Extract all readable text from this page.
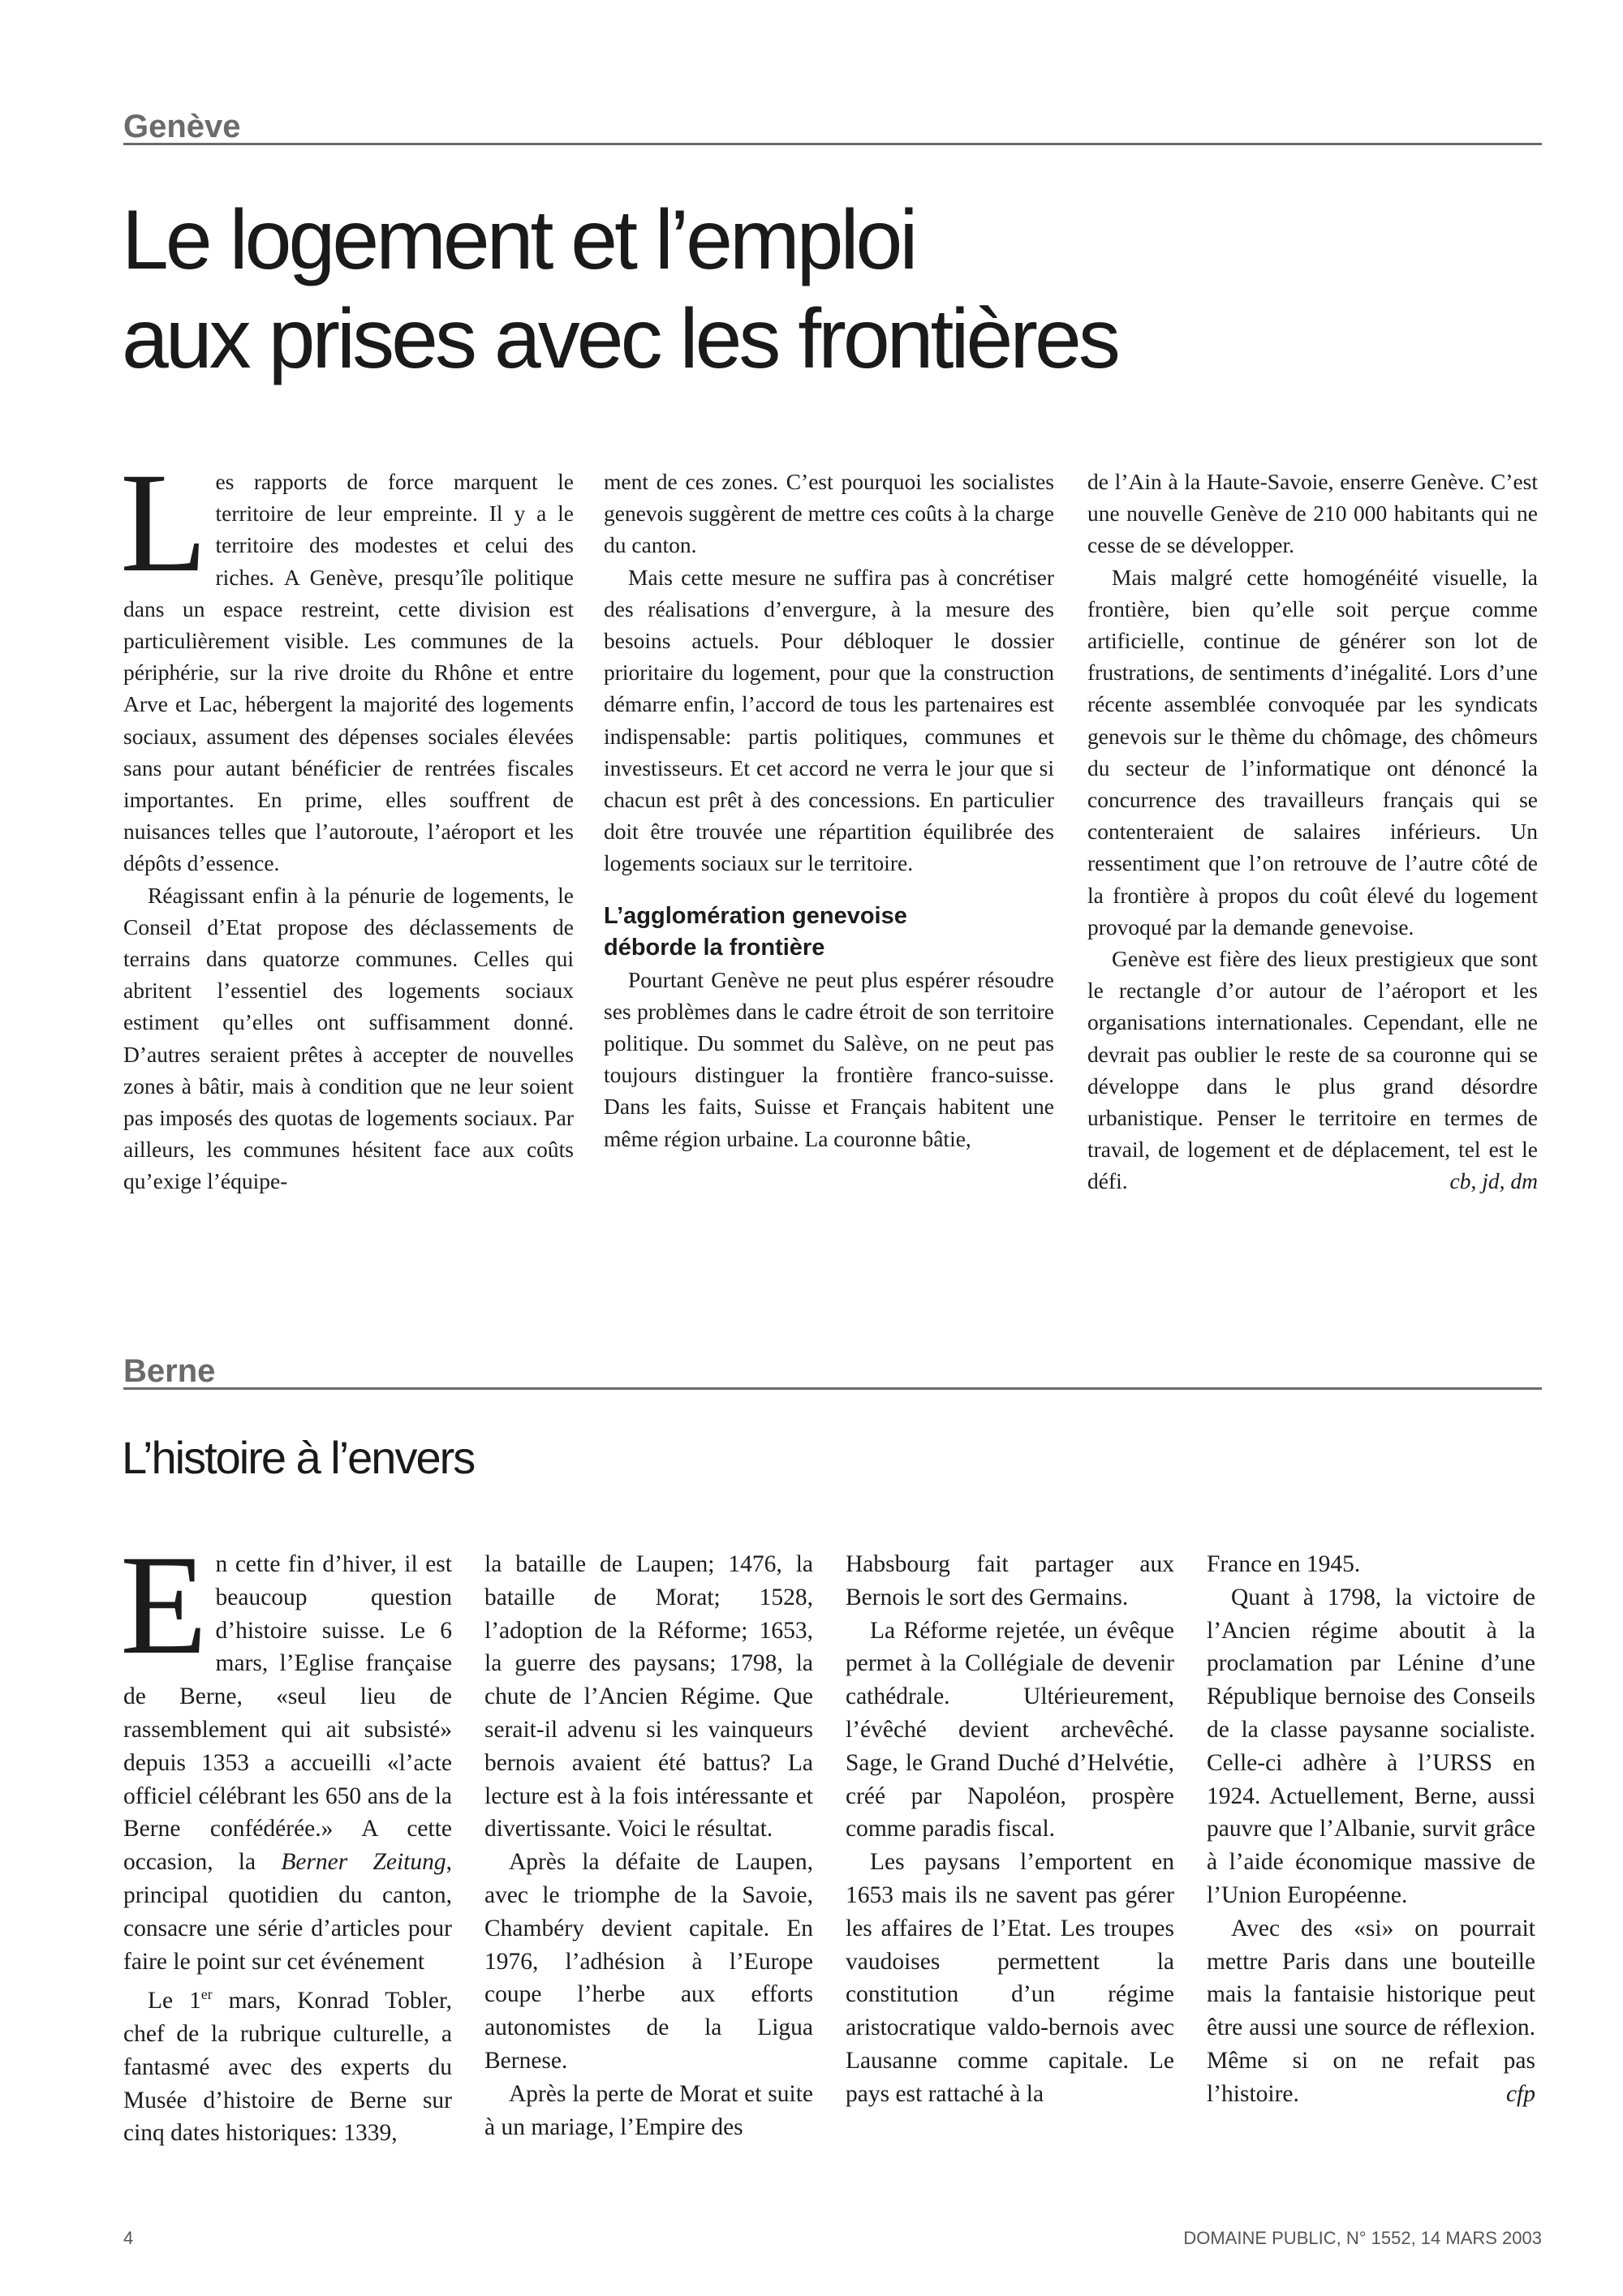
Genève
Le logement et l’emploi
aux prises avec les frontières

Les rapports de force marquent le territoire de leur empreinte. Il y a le territoire des modestes et celui des riches. A Genève, presqu’île politique dans un espace restreint, cette division est particulièrement visible. Les communes de la périphérie, sur la rive droite du Rhône et entre Arve et Lac, hébergent la majorité des logements sociaux, assument des dépenses sociales élevées sans pour autant bénéficier de rentrées fiscales importantes. En prime, elles souffrent de nuisances telles que l’autoroute, l’aéroport et les dépôts d’essence.

Réagissant enfin à la pénurie de logements, le Conseil d’Etat propose des déclassements de terrains dans quatorze communes. Celles qui abritent l’essentiel des logements sociaux estiment qu’elles ont suffisamment donné. D’autres seraient prêtes à accepter de nouvelles zones à bâtir, mais à condition que ne leur soient pas imposés des quotas de logements sociaux. Par ailleurs, les communes hésitent face aux coûts qu’exige l’équipe-

ment de ces zones. C’est pourquoi les socialistes genevois suggèrent de mettre ces coûts à la charge du canton.

Mais cette mesure ne suffira pas à concrétiser des réalisations d’envergure, à la mesure des besoins actuels. Pour débloquer le dossier prioritaire du logement, pour que la construction démarre enfin, l’accord de tous les partenaires est indispensable: partis politiques, communes et investisseurs. Et cet accord ne verra le jour que si chacun est prêt à des concessions. En particulier doit être trouvée une répartition équilibrée des logements sociaux sur le territoire.

L’agglomération genevoise
déborde la frontière

Pourtant Genève ne peut plus espérer résoudre ses problèmes dans le cadre étroit de son territoire politique. Du sommet du Salève, on ne peut pas toujours distinguer la frontière franco-suisse. Dans les faits, Suisse et Français habitent une même région urbaine. La couronne bâtie,

de l’Ain à la Haute-Savoie, enserre Genève. C’est une nouvelle Genève de 210 000 habitants qui ne cesse de se développer.

Mais malgré cette homogénéité visuelle, la frontière, bien qu’elle soit perçue comme artificielle, continue de générer son lot de frustrations, de sentiments d’inégalité. Lors d’une récente assemblée convoquée par les syndicats genevois sur le thème du chômage, des chômeurs du secteur de l’informatique ont dénoncé la concurrence des travailleurs français qui se contenteraient de salaires inférieurs. Un ressentiment que l’on retrouve de l’autre côté de la frontière à propos du coût élevé du logement provoqué par la demande genevoise.

Genève est fière des lieux prestigieux que sont le rectangle d’or autour de l’aéroport et les organisations internationales. Cependant, elle ne devrait pas oublier le reste de sa couronne qui se développe dans le plus grand désordre urbanistique. Penser le territoire en termes de travail, de logement et de déplacement, tel est le défi.	cb, jd, dm

Berne
L’histoire à l’envers

En cette fin d’hiver, il est beaucoup question d’histoire suisse. Le 6 mars, l’Eglise française de Berne, «seul lieu de rassemblement qui ait subsisté» depuis 1353 a accueilli «l’acte officiel célébrant les 650 ans de la Berne confédérée.» A cette occasion, la Berner Zeitung, principal quotidien du canton, consacre une série d’articles pour faire le point sur cet événement

Le 1er mars, Konrad Tobler, chef de la rubrique culturelle, a fantasmé avec des experts du Musée d’histoire de Berne sur cinq dates historiques: 1339,

la bataille de Laupen; 1476, la bataille de Morat; 1528, l’adoption de la Réforme; 1653, la guerre des paysans; 1798, la chute de l’Ancien Régime. Que serait-il advenu si les vainqueurs bernois avaient été battus? La lecture est à la fois intéressante et divertissante. Voici le résultat.

Après la défaite de Laupen, avec le triomphe de la Savoie, Chambéry devient capitale. En 1976, l’adhésion à l’Europe coupe l’herbe aux efforts autonomistes de la Ligua Bernese.

Après la perte de Morat et suite à un mariage, l’Empire des

Habsbourg fait partager aux Bernois le sort des Germains.

La Réforme rejetée, un évêque permet à la Collégiale de devenir cathédrale. Ultérieurement, l’évêché devient archevêché. Sage, le Grand Duché d’Helvétie, créé par Napoléon, prospère comme paradis fiscal.

Les paysans l’emportent en 1653 mais ils ne savent pas gérer les affaires de l’Etat. Les troupes vaudoises permettent la constitution d’un régime aristocratique valdo-bernois avec Lausanne comme capitale. Le pays est rattaché à la

France en 1945.

Quant à 1798, la victoire de l’Ancien régime aboutit à la proclamation par Lénine d’une République bernoise des Conseils de la classe paysanne socialiste. Celle-ci adhère à l’URSS en 1924. Actuellement, Berne, aussi pauvre que l’Albanie, survit grâce à l’aide économique massive de l’Union Européenne.

Avec des «si» on pourrait mettre Paris dans une bouteille mais la fantaisie historique peut être aussi une source de réflexion. Même si on ne refait pas l’histoire.	cfp

4	DOMAINE PUBLIC, N° 1552, 14 MARS 2003
